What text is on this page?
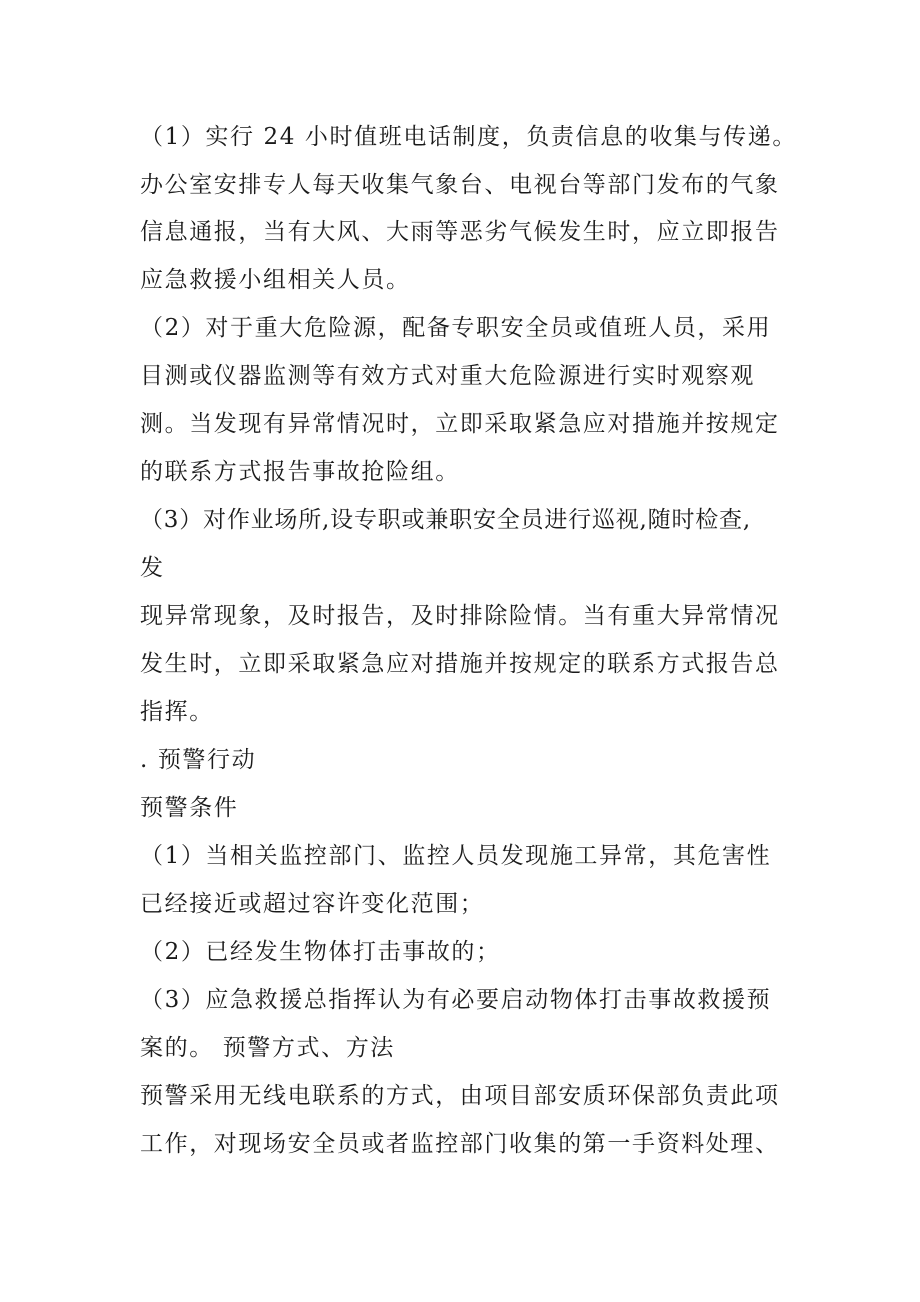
（1）实行 24 小时值班电话制度，负责信息的收集与传递。

办公室安排专人每天收集气象台、电视台等部门发布的气象

信息通报，当有大风、大雨等恶劣气候发生时，应立即报告

应急救援小组相关人员。

（2）对于重大危险源，配备专职安全员或值班人员，采用

目测或仪器监测等有效方式对重大危险源进行实时观察观

测。当发现有异常情况时，立即采取紧急应对措施并按规定

的联系方式报告事故抢险组。

（3）对作业场所,设专职或兼职安全员进行巡视,随时检查,

发

现异常现象，及时报告，及时排除险情。当有重大异常情况

发生时，立即采取紧急应对措施并按规定的联系方式报告总

指挥。

. 预警行动

预警条件

（1）当相关监控部门、监控人员发现施工异常，其危害性

已经接近或超过容许变化范围；

（2）已经发生物体打击事故的；

（3）应急救援总指挥认为有必要启动物体打击事故救援预

案的。 预警方式、方法

预警采用无线电联系的方式，由项目部安质环保部负责此项

工作，对现场安全员或者监控部门收集的第一手资料处理、
